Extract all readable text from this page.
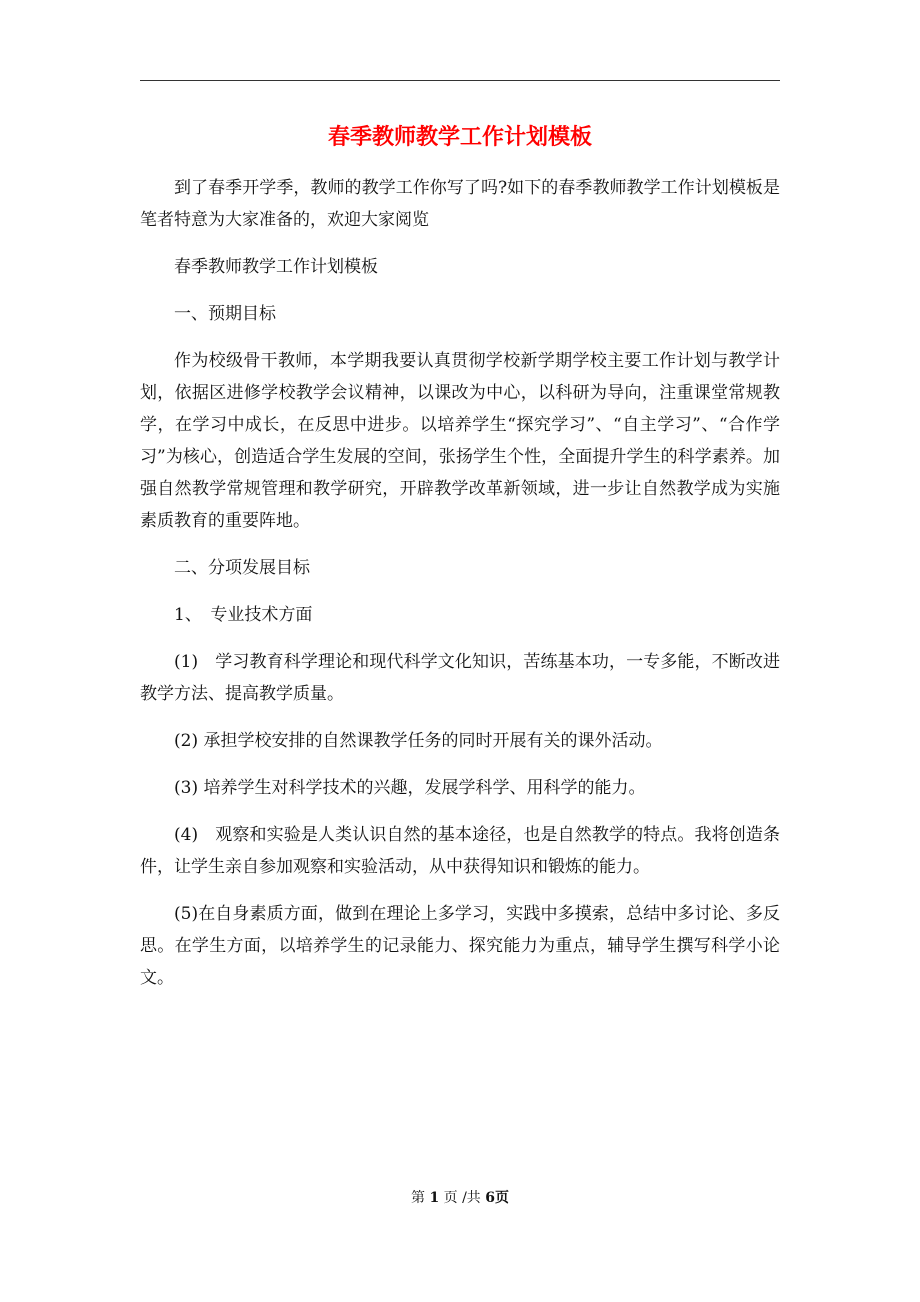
春季教师教学工作计划模板

到了春季开学季，教师的教学工作你写了吗?如下的春季教师教学工作计划模板是笔者特意为大家准备的，欢迎大家阅览

春季教师教学工作计划模板

一、预期目标

作为校级骨干教师，本学期我要认真贯彻学校新学期学校主要工作计划与教学计划，依据区进修学校教学会议精神，以课改为中心，以科研为导向，注重课堂常规教学，在学习中成长，在反思中进步。以培养学生“探究学习”、“自主学习”、“合作学习”为核心，创造适合学生发展的空间，张扬学生个性，全面提升学生的科学素养。加强自然教学常规管理和教学研究，开辟教学改革新领域，进一步让自然教学成为实施素质教育的重要阵地。

二、分项发展目标

1、　专业技术方面

(1)　学习教育科学理论和现代科学文化知识，苦练基本功，一专多能，不断改进教学方法、提高教学质量。

(2) 承担学校安排的自然课教学任务的同时开展有关的课外活动。

(3) 培养学生对科学技术的兴趣，发展学科学、用科学的能力。

(4)　观察和实验是人类认识自然的基本途径，也是自然教学的特点。我将创造条件，让学生亲自参加观察和实验活动，从中获得知识和锻炼的能力。

(5)在自身素质方面，做到在理论上多学习，实践中多摸索，总结中多讨论、多反思。在学生方面，以培养学生的记录能力、探究能力为重点，辅导学生撰写科学小论文。

第 1 页 /共 6页
